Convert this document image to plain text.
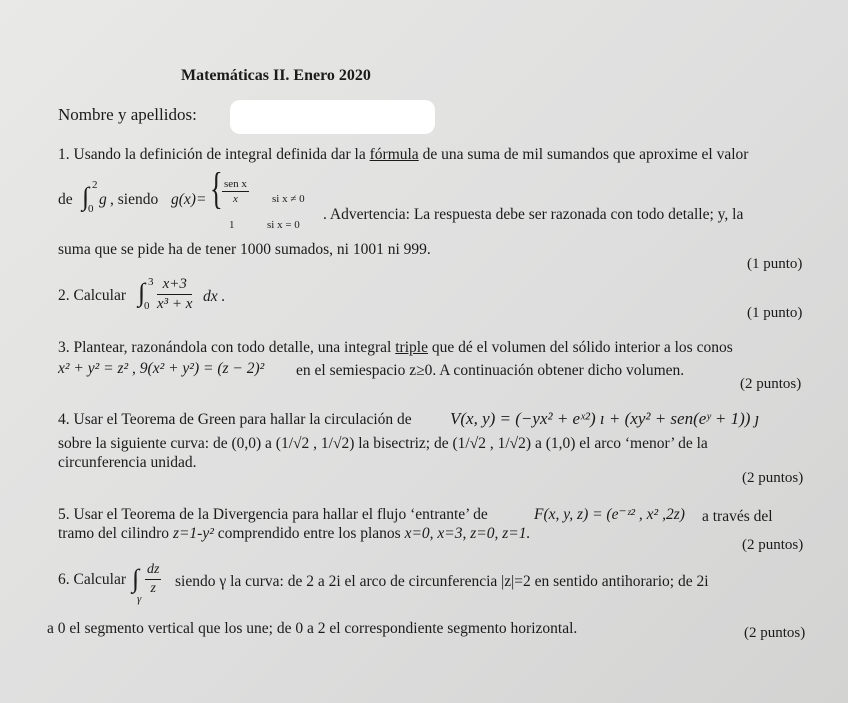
Matemáticas II. Enero 2020
Nombre y apellidos:
1. Usando la definición de integral definida dar la fórmula de una suma de mil sumandos que aproxime el valor
de ∫ 2
0
g , siendo g(x)= { sen x
x	si x ≠ 0
1	si x = 0
. Advertencia: La respuesta debe ser razonada con todo detalle; y, la
suma que se pide ha de tener 1000 sumados, ni 1001 ni 999.
(1 punto)
2. Calcular ∫ 3
$0 \frac{x+3}{\text{x³ + x}}$ dx .
(1 punto)
3. Plantear, razonándola con todo detalle, una integral triple que dé el volumen del sólido interior a los conos
x² + y² = z² , 9(x² + y²) = (z − 2)² en el semiespacio z≥0. A continuación obtener dicho volumen.
(2 puntos)
4. Usar el Teorema de Green para hallar la circulación de V(x, y) = (−yx² + eˣ²) ı + (xy² + sen(eʸ + 1)) ȷ
sobre la siguiente curva: de (0,0) a (1/√2 , 1/√2) la bisectriz; de (1/√2 , 1/√2) a (1,0) el arco ‘menor’ de la
circunferencia unidad.
(2 puntos)
5. Usar el Teorema de la Divergencia para hallar el flujo ‘entrante’ de	F(x, y, z) = (e⁻ᶻ² , x² ,2z) a través del
tramo del cilindro z=1-y² comprendido entre los planos x=0, x=3, z=0, z=1.
(2 puntos)
6. Calcular ∫
γ
$\frac{dz}{z}$ siendo γ la curva: de 2 a 2i el arco de circunferencia |z|=2 en sentido antihorario; de 2i
a 0 el segmento vertical que los une; de 0 a 2 el correspondiente segmento horizontal.	(2 puntos)
